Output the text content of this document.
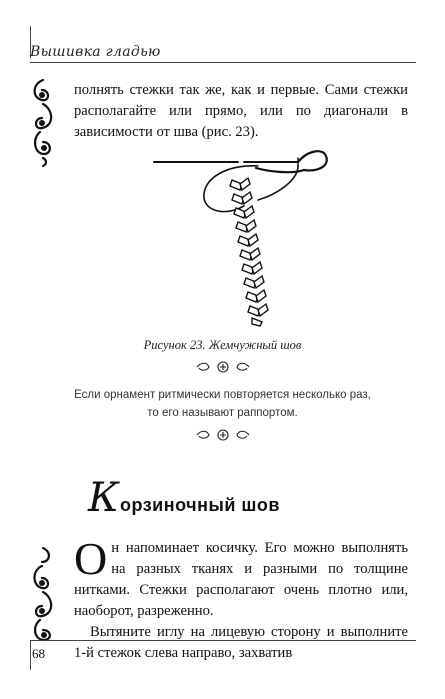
Вышивка гладью

полнять стежки так же, как и первые. Сами стежки располагайте или прямо, или по диагонали в зависимости от шва (рис. 23).

Рисунок 23. Жемчужный шов
Если орнамент ритмически повторяется несколько раз,
то его называют раппортом.
К орзиночный шов

Он напоминает косичку. Его можно выполнять на разных тканях и разными по толщине нитками. Стежки располагают очень плотно или, наоборот, разреженно.

Вытяните иглу на лицевую сторону и выполните 1-й стежок слева направо, захватив

68
